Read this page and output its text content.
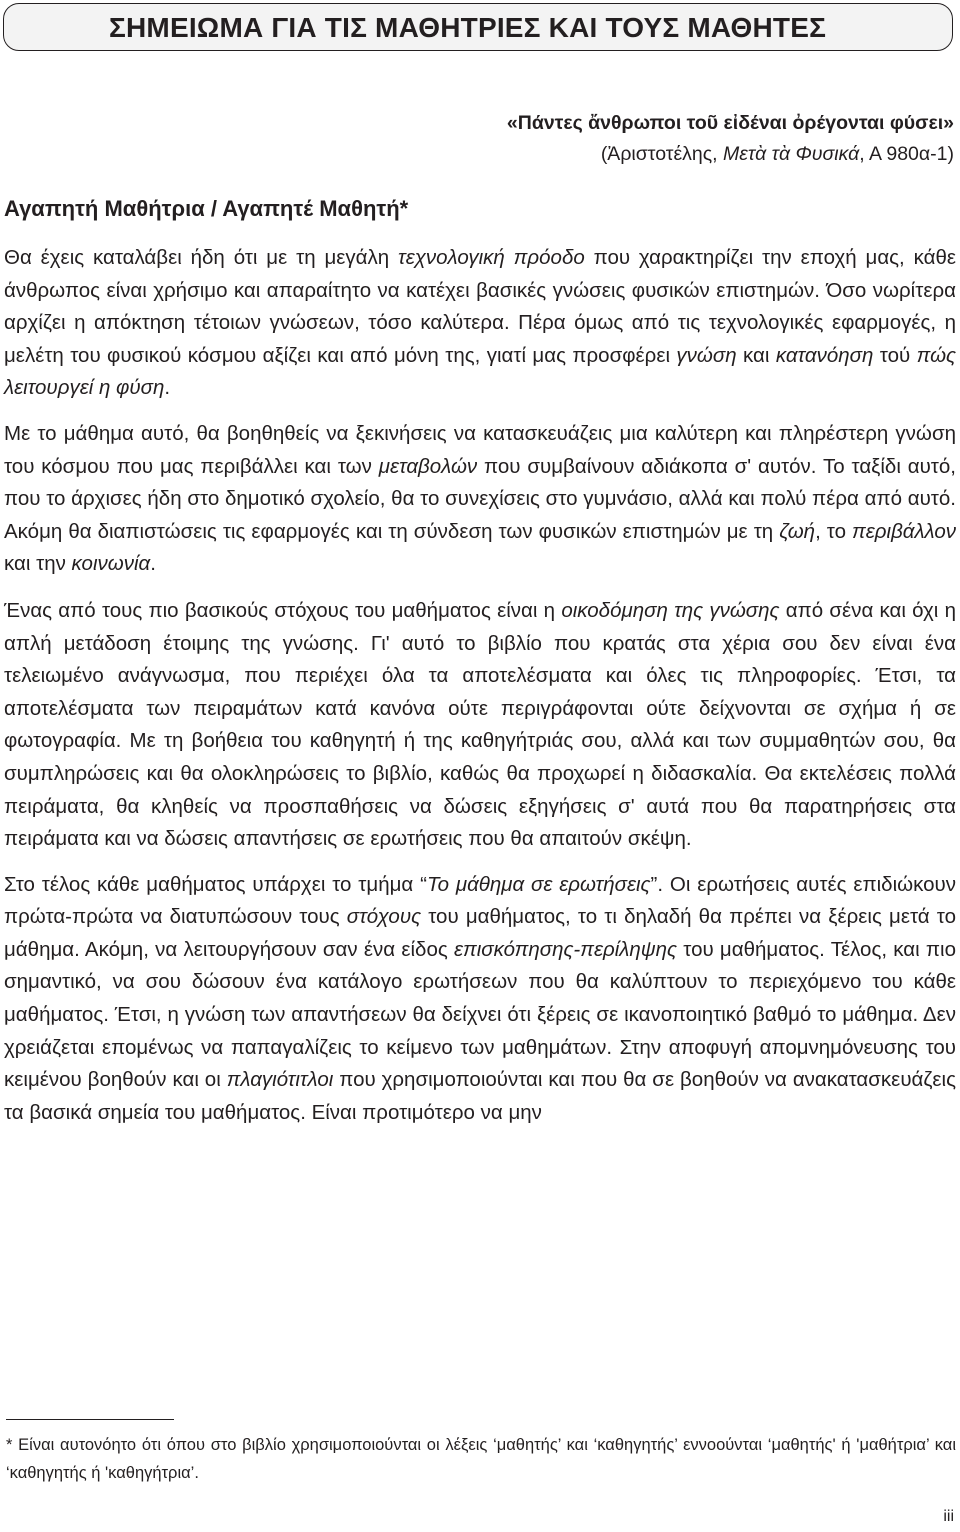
ΣΗΜΕΙΩΜΑ ΓΙΑ ΤΙΣ ΜΑΘΗΤΡΙΕΣ ΚΑΙ ΤΟΥΣ ΜΑΘΗΤΕΣ
«Πάντες ἄνθρωποι τοῦ εἰδέναι ὀρέγονται φύσει»
(Ἀριστοτέλης, Μετὰ τὰ Φυσικά, Α 980α-1)
Αγαπητή Μαθήτρια / Αγαπητέ Μαθητή*

Θα έχεις καταλάβει ήδη ότι με τη μεγάλη τεχνολογική πρόοδο που χαρακτηρίζει την εποχή μας, κάθε άνθρωπος είναι χρήσιμο και απαραίτητο να κατέχει βασικές γνώσεις φυσικών επιστημών. Όσο νωρίτερα αρχίζει η απόκτηση τέτοιων γνώσεων, τόσο καλύτερα. Πέρα όμως από τις τεχνολογικές εφαρμογές, η μελέτη του φυσικού κόσμου αξίζει και από μόνη της, γιατί μας προσφέρει γνώση και κατανόηση τού πώς λειτουργεί η φύση.

Με το μάθημα αυτό, θα βοηθηθείς να ξεκινήσεις να κατασκευάζεις μια καλύτερη και πληρέστερη γνώση του κόσμου που μας περιβάλλει και των μεταβολών που συμβαίνουν αδιάκοπα σ' αυτόν. Το ταξίδι αυτό, που το άρχισες ήδη στο δημοτικό σχολείο, θα το συνεχίσεις στο γυμνάσιο, αλλά και πολύ πέρα από αυτό. Ακόμη θα διαπιστώσεις τις εφαρμογές και τη σύνδεση των φυσικών επιστημών με τη ζωή, το περιβάλλον και την κοινωνία.

Ένας από τους πιο βασικούς στόχους του μαθήματος είναι η οικοδόμηση της γνώσης από σένα και όχι η απλή μετάδοση έτοιμης της γνώσης. Γι' αυτό το βιβλίο που κρατάς στα χέρια σου δεν είναι ένα τελειωμένο ανάγνωσμα, που περιέχει όλα τα αποτελέσματα και όλες τις πληροφορίες. Έτσι, τα αποτελέσματα των πειραμάτων κατά κανόνα ούτε περιγράφονται ούτε δείχνονται σε σχήμα ή σε φωτογραφία. Με τη βοήθεια του καθηγητή ή της καθηγήτριάς σου, αλλά και των συμμαθητών σου, θα συμπληρώσεις και θα ολοκληρώσεις το βιβλίο, καθώς θα προχωρεί η διδασκαλία. Θα εκτελέσεις πολλά πειράματα, θα κληθείς να προσπαθήσεις να δώσεις εξηγήσεις σ' αυτά που θα παρατηρήσεις στα πειράματα και να δώσεις απαντήσεις σε ερωτήσεις που θα απαιτούν σκέψη.

Στο τέλος κάθε μαθήματος υπάρχει το τμήμα “Το μάθημα σε ερωτήσεις”. Οι ερωτήσεις αυτές επιδιώκουν πρώτα-πρώτα να διατυπώσουν τους στόχους του μαθήματος, το τι δηλαδή θα πρέπει να ξέρεις μετά το μάθημα. Ακόμη, να λειτουργήσουν σαν ένα είδος επισκόπησης-περίληψης του μαθήματος. Τέλος, και πιο σημαντικό, να σου δώσουν ένα κατάλογο ερωτήσεων που θα καλύπτουν το περιεχόμενο του κάθε μαθήματος. Έτσι, η γνώση των απαντήσεων θα δείχνει ότι ξέρεις σε ικανοποιητικό βαθμό το μάθημα. Δεν χρειάζεται επομένως να παπαγαλίζεις το κείμενο των μαθημάτων. Στην αποφυγή απομνημόνευσης του κειμένου βοηθούν και οι πλαγιότιτλοι που χρησιμοποιούνται και που θα σε βοηθούν να ανακατασκευάζεις τα βασικά σημεία του μαθήματος. Είναι προτιμότερο να μην

* Είναι αυτονόητο ότι όπου στο βιβλίο χρησιμοποιούνται οι λέξεις ‘μαθητής’ και ‘καθηγητής’ εννοούνται ‘μαθητής' ή 'μαθήτρια’ και ‘καθηγητής ή 'καθηγήτρια’.

iii
